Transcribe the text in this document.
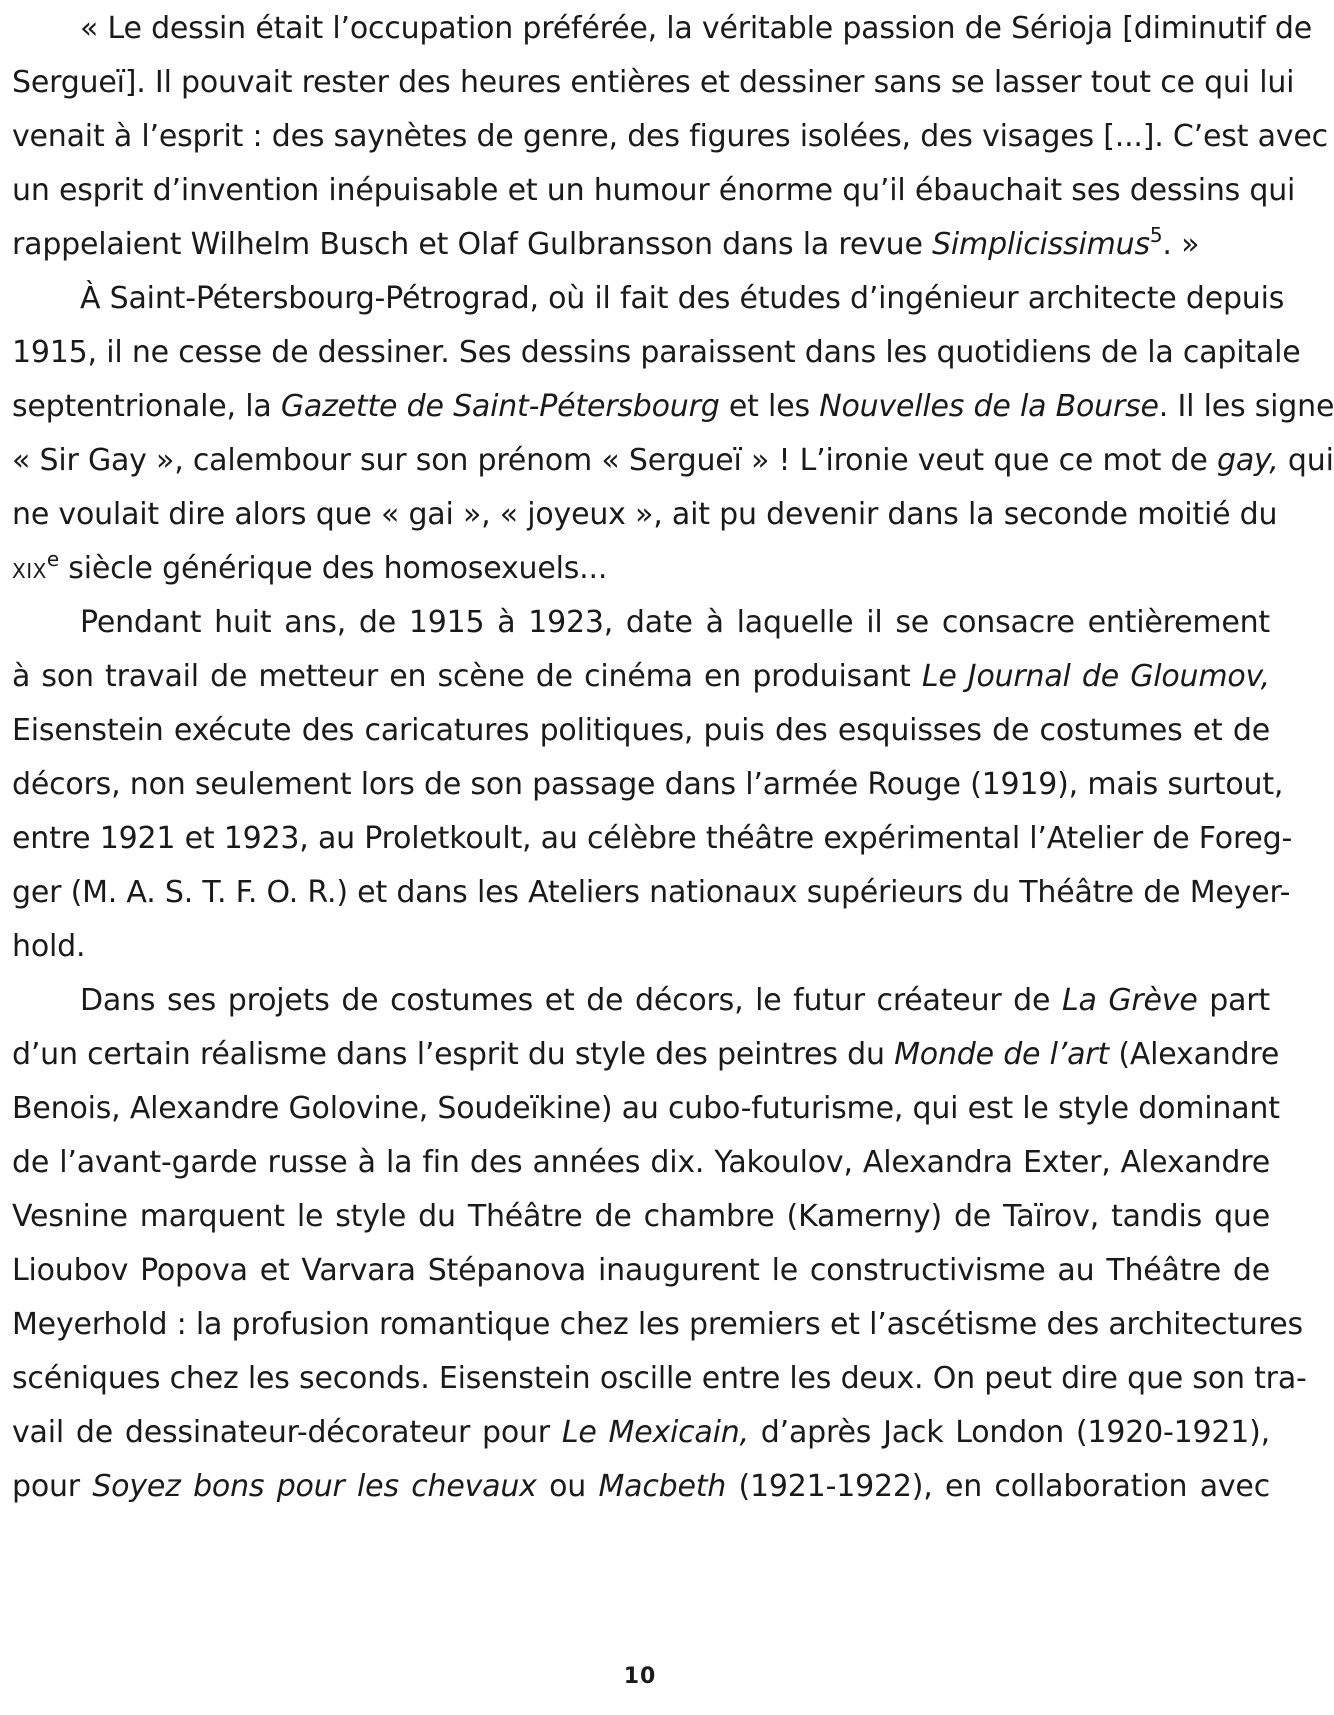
« Le dessin était l’occupation préférée, la véritable passion de Sérioja [diminutif de
Sergueï]. Il pouvait rester des heures entières et dessiner sans se lasser tout ce qui lui
venait à l’esprit : des saynètes de genre, des figures isolées, des visages [...]. C’est avec
un esprit d’invention inépuisable et un humour énorme qu’il ébauchait ses dessins qui
rappelaient Wilhelm Busch et Olaf Gulbransson dans la revue Simplicissimus$^5$. »
À Saint-Pétersbourg-Pétrograd, où il fait des études d’ingénieur architecte depuis
1915, il ne cesse de dessiner. Ses dessins paraissent dans les quotidiens de la capitale
septentrionale, la Gazette de Saint-Pétersbourg et les Nouvelles de la Bourse. Il les signe
« Sir Gay », calembour sur son prénom « Sergueï » ! L’ironie veut que ce mot de gay, qui
ne voulait dire alors que « gai », « joyeux », ait pu devenir dans la seconde moitié du
XIXe siècle générique des homosexuels...
Pendant huit ans, de 1915 à 1923, date à laquelle il se consacre entièrement
à son travail de metteur en scène de cinéma en produisant Le Journal de Gloumov,
Eisenstein exécute des caricatures politiques, puis des esquisses de costumes et de
décors, non seulement lors de son passage dans l’armée Rouge (1919), mais surtout,
entre 1921 et 1923, au Proletkoult, au célèbre théâtre expérimental l’Atelier de Foreg-
ger (M. A. S. T. F. O. R.) et dans les Ateliers nationaux supérieurs du Théâtre de Meyer-
hold.
Dans ses projets de costumes et de décors, le futur créateur de La Grève part
d’un certain réalisme dans l’esprit du style des peintres du Monde de l’art (Alexandre
Benois, Alexandre Golovine, Soudeïkine) au cubo-futurisme, qui est le style dominant
de l’avant-garde russe à la fin des années dix. Yakoulov, Alexandra Exter, Alexandre
Vesnine marquent le style du Théâtre de chambre (Kamerny) de Taïrov, tandis que
Lioubov Popova et Varvara Stépanova inaugurent le constructivisme au Théâtre de
Meyerhold : la profusion romantique chez les premiers et l’ascétisme des architectures
scéniques chez les seconds. Eisenstein oscille entre les deux. On peut dire que son tra-
vail de dessinateur-décorateur pour Le Mexicain, d’après Jack London (1920-1921),
pour Soyez bons pour les chevaux ou Macbeth (1921-1922), en collaboration avec
10
